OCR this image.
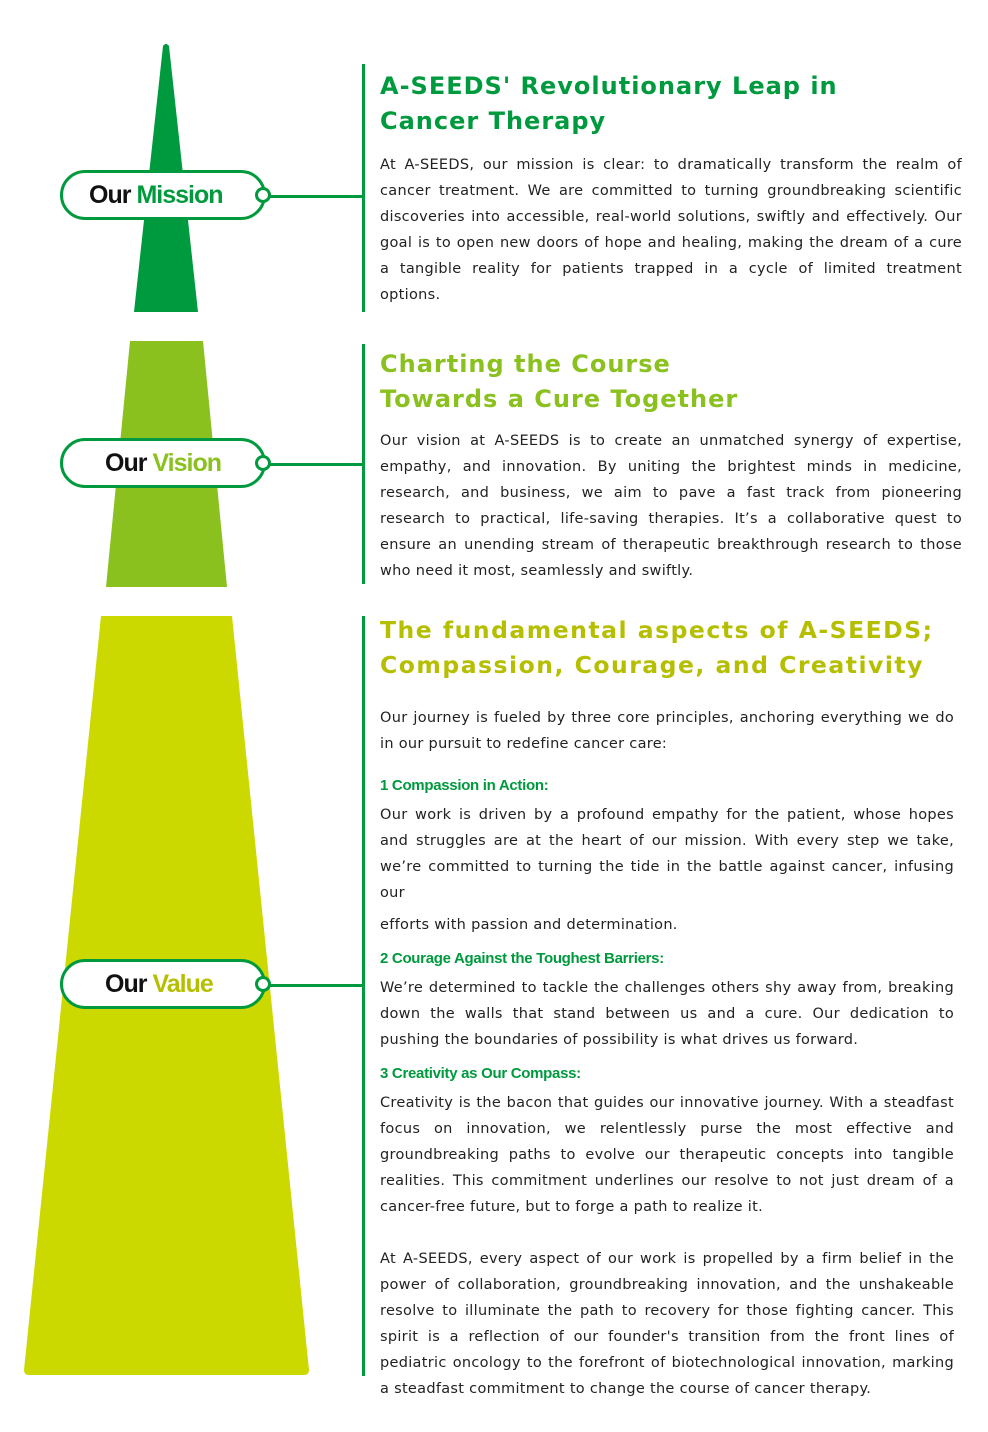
Our Mission
Our Vision
Our Value
A-SEEDS' Revolutionary Leap in
Cancer Therapy

At A-SEEDS, our mission is clear: to dramatically transform the realm of cancer treatment. We are committed to turning groundbreaking scientific discoveries into accessible, real-world solutions, swiftly and effectively. Our goal is to open new doors of hope and healing, making the dream of a cure a tangible reality for patients trapped in a cycle of limited treatment options.

Charting the Course
Towards a Cure Together

Our vision at A-SEEDS is to create an unmatched synergy of expertise, empathy, and innovation. By uniting the brightest minds in medicine, research, and business, we aim to pave a fast track from pioneering research to practical, life-saving therapies. It’s a collaborative quest to ensure an unending stream of therapeutic breakthrough research to those who need it most, seamlessly and swiftly.

The fundamental aspects of A-SEEDS;
Compassion, Courage, and Creativity

Our journey is fueled by three core principles, anchoring everything we do in our pursuit to redefine cancer care:

1 Compassion in Action:

Our work is driven by a profound empathy for the patient, whose hopes and struggles are at the heart of our mission. With every step we take, we’re committed to turning the tide in the battle against cancer, infusing our

efforts with passion and determination.

2 Courage Against the Toughest Barriers:

We’re determined to tackle the challenges others shy away from, breaking down the walls that stand between us and a cure. Our dedication to pushing the boundaries of possibility is what drives us forward.

3 Creativity as Our Compass:

Creativity is the bacon that guides our innovative journey. With a steadfast focus on innovation, we relentlessly purse the most effective and groundbreaking paths to evolve our therapeutic concepts into tangible realities. This commitment underlines our resolve to not just dream of a cancer-free future, but to forge a path to realize it.

At A-SEEDS, every aspect of our work is propelled by a firm belief in the power of collaboration, groundbreaking innovation, and the unshakeable resolve to illuminate the path to recovery for those fighting cancer. This spirit is a reflection of our founder's transition from the front lines of pediatric oncology to the forefront of biotechnological innovation, marking a steadfast commitment to change the course of cancer therapy.
